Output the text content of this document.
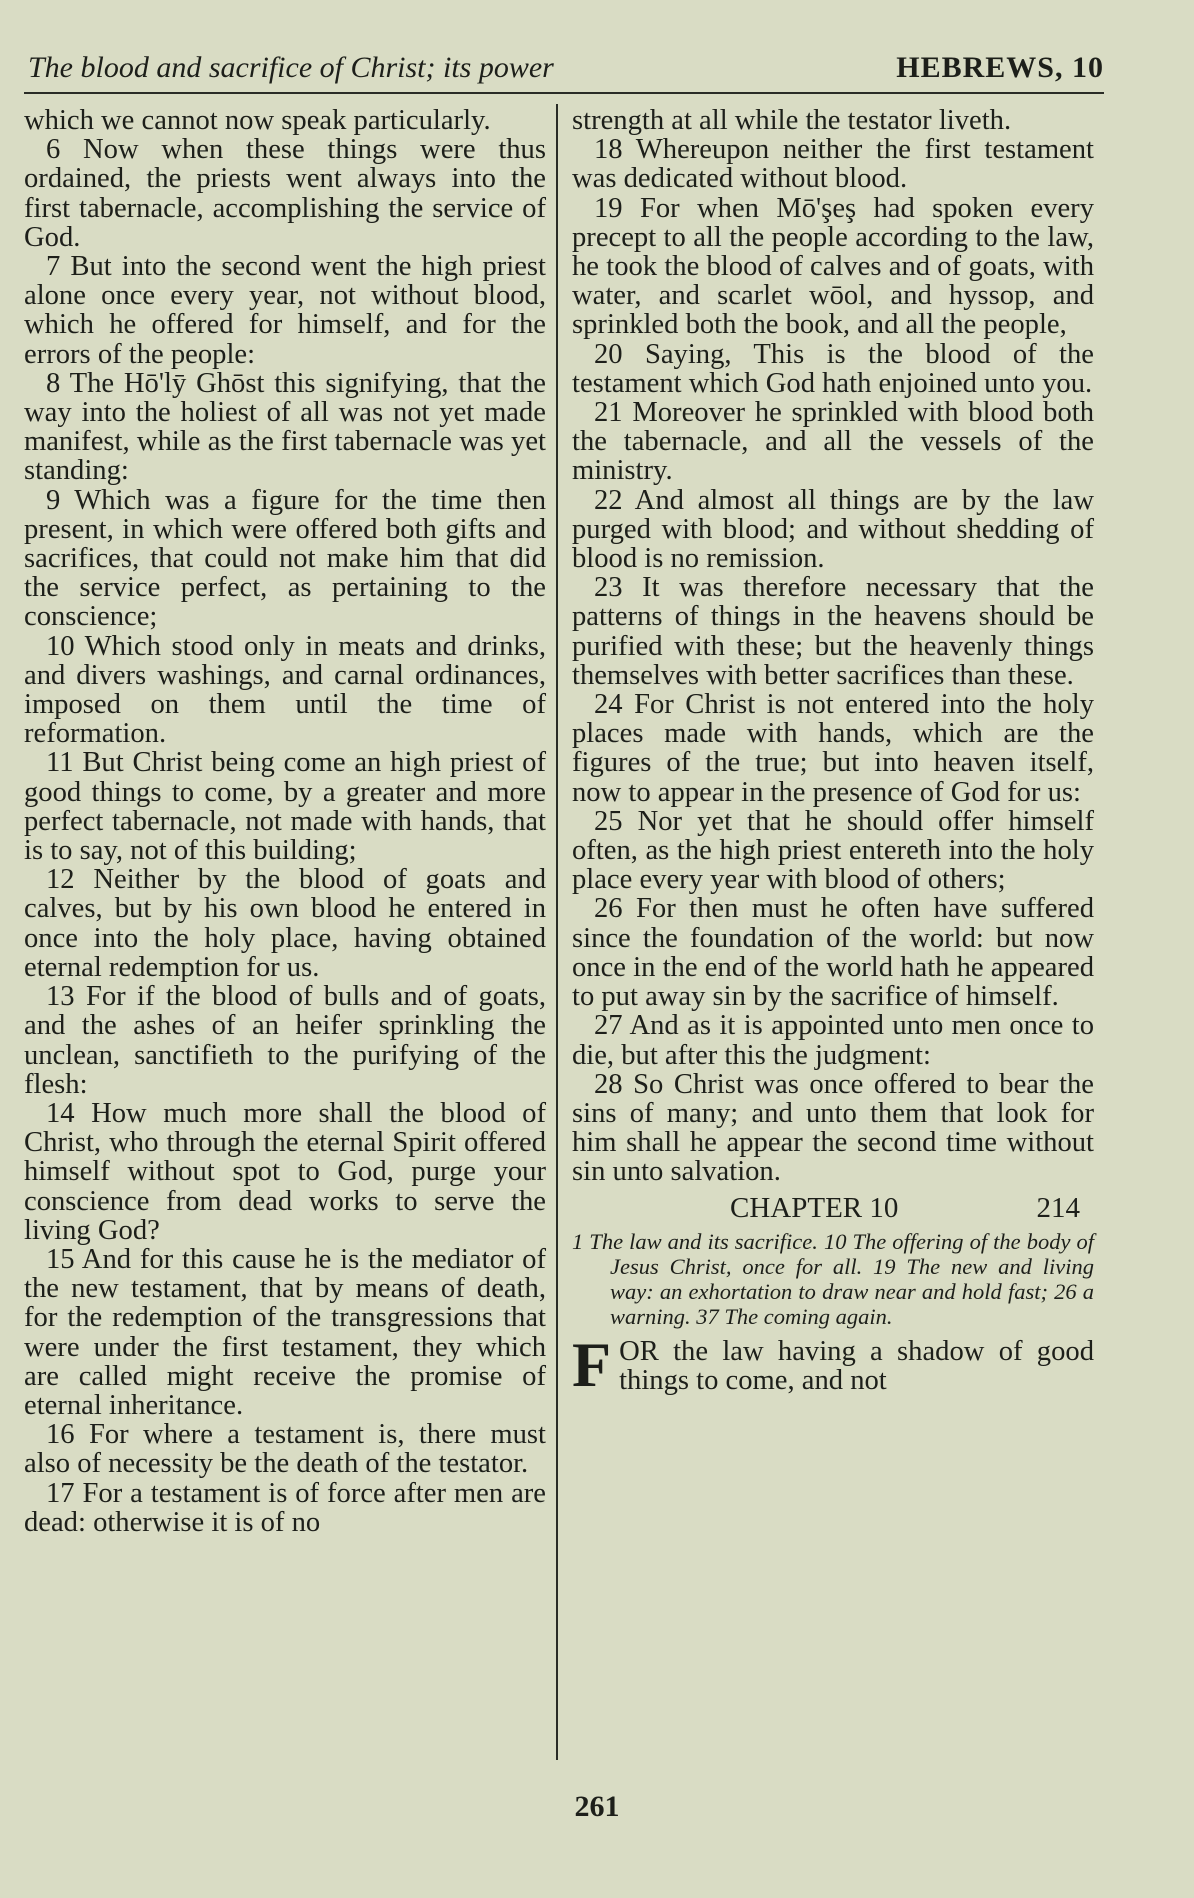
The blood and sacrifice of Christ; its power	HEBREWS, 10

which we cannot now speak particularly.

6 Now when these things were thus ordained, the priests went always into the first tabernacle, accomplishing the service of God.

7 But into the second went the high priest alone once every year, not without blood, which he offered for himself, and for the errors of the people:

8 The Hō'lȳ Ghōst this signifying, that the way into the holiest of all was not yet made manifest, while as the first tabernacle was yet standing:

9 Which was a figure for the time then present, in which were offered both gifts and sacrifices, that could not make him that did the service perfect, as pertaining to the conscience;

10 Which stood only in meats and drinks, and divers washings, and carnal ordinances, imposed on them until the time of reformation.

11 But Christ being come an high priest of good things to come, by a greater and more perfect tabernacle, not made with hands, that is to say, not of this building;

12 Neither by the blood of goats and calves, but by his own blood he entered in once into the holy place, having obtained eternal redemption for us.

13 For if the blood of bulls and of goats, and the ashes of an heifer sprinkling the unclean, sanctifieth to the purifying of the flesh:

14 How much more shall the blood of Christ, who through the eternal Spirit offered himself without spot to God, purge your conscience from dead works to serve the living God?

15 And for this cause he is the mediator of the new testament, that by means of death, for the redemption of the transgressions that were under the first testament, they which are called might receive the promise of eternal inheritance.

16 For where a testament is, there must also of necessity be the death of the testator.

17 For a testament is of force after men are dead: otherwise it is of no

strength at all while the testator liveth.

18 Whereupon neither the first testament was dedicated without blood.

19 For when Mō'şeş had spoken every precept to all the people according to the law, he took the blood of calves and of goats, with water, and scarlet wōol, and hyssop, and sprinkled both the book, and all the people,

20 Saying, This is the blood of the testament which God hath enjoined unto you.

21 Moreover he sprinkled with blood both the tabernacle, and all the vessels of the ministry.

22 And almost all things are by the law purged with blood; and without shedding of blood is no remission.

23 It was therefore necessary that the patterns of things in the heavens should be purified with these; but the heavenly things themselves with better sacrifices than these.

24 For Christ is not entered into the holy places made with hands, which are the figures of the true; but into heaven itself, now to appear in the presence of God for us:

25 Nor yet that he should offer himself often, as the high priest entereth into the holy place every year with blood of others;

26 For then must he often have suffered since the foundation of the world: but now once in the end of the world hath he appeared to put away sin by the sacrifice of himself.

27 And as it is appointed unto men once to die, but after this the judgment:

28 So Christ was once offered to bear the sins of many; and unto them that look for him shall he appear the second time without sin unto salvation.

CHAPTER 10	214

1 The law and its sacrifice. 10 The offering of the body of Jesus Christ, once for all. 19 The new and living way: an exhortation to draw near and hold fast; 26 a warning. 37 The coming again.

FOR the law having a shadow of good things to come, and not

261
